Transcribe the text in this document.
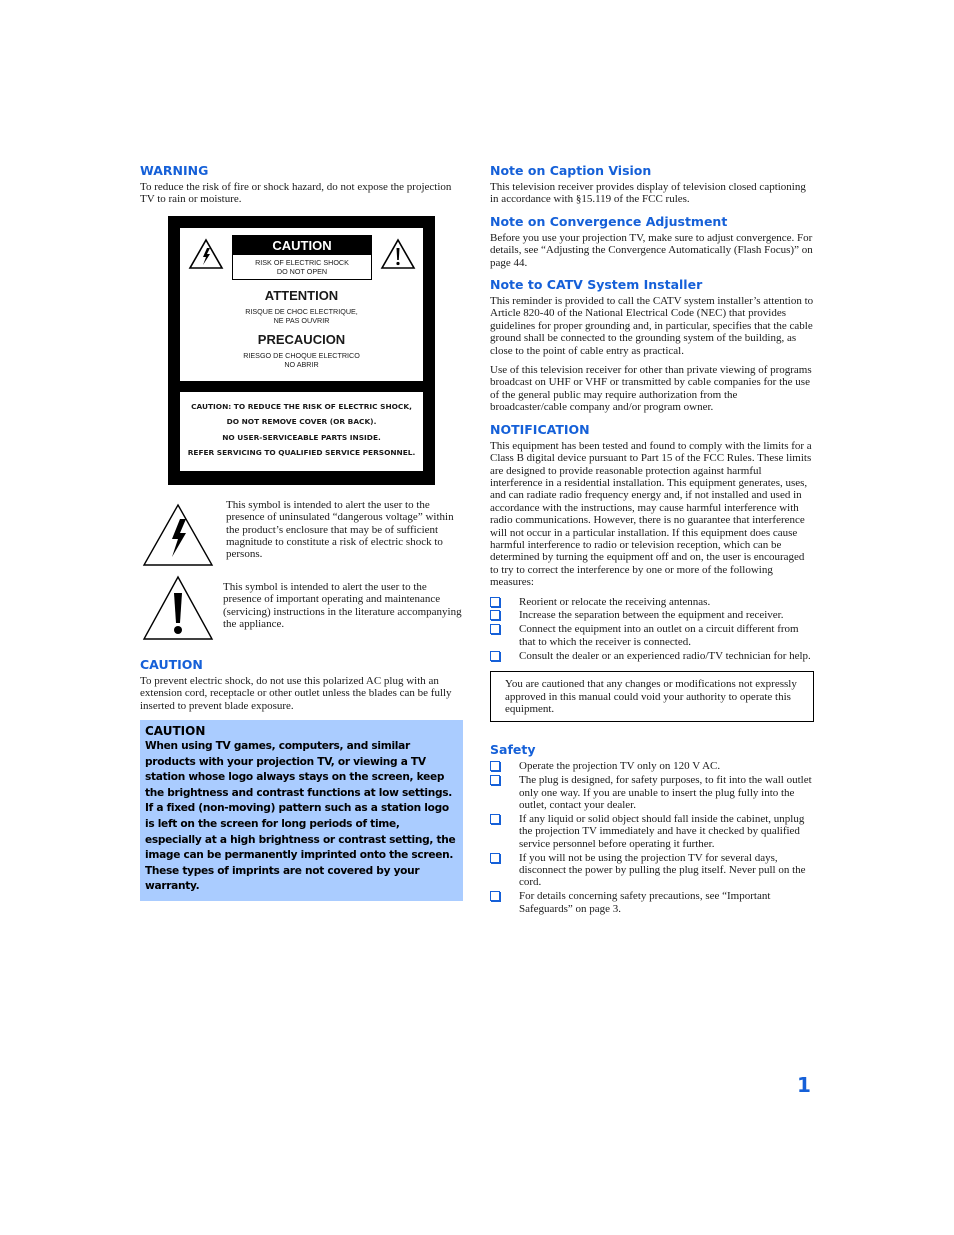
WARNING

To reduce the risk of fire or shock hazard, do not expose the projection TV to rain or moisture.

CAUTION
RISK OF ELECTRIC SHOCK
DO NOT OPEN
ATTENTION
RISQUE DE CHOC ELECTRIQUE,
NE PAS OUVRIR
PRECAUCION
RIESGO DE CHOQUE ELECTRICO
NO ABRIR
CAUTION: TO REDUCE THE RISK OF ELECTRIC SHOCK,
DO NOT REMOVE COVER (OR BACK).
NO USER-SERVICEABLE PARTS INSIDE.
REFER SERVICING TO QUALIFIED SERVICE PERSONNEL.

This symbol is intended to alert the user to the presence of uninsulated “dangerous voltage” within the product’s enclosure that may be of sufficient magnitude to constitute a risk of electric shock to persons.

This symbol is intended to alert the user to the presence of important operating and maintenance (servicing) instructions in the literature accompanying the appliance.

CAUTION

To prevent electric shock, do not use this polarized AC plug with an extension cord, receptacle or other outlet unless the blades can be fully inserted to prevent blade exposure.

CAUTION
When using TV games, computers, and similar products with your projection TV, or viewing a TV station whose logo always stays on the screen, keep the brightness and contrast functions at low settings. If a fixed (non-moving) pattern such as a station logo is left on the screen for long periods of time, especially at a high brightness or contrast setting, the image can be permanently imprinted onto the screen. These types of imprints are not covered by your warranty.
Note on Caption Vision

This television receiver provides display of television closed captioning in accordance with §15.119 of the FCC rules.

Note on Convergence Adjustment

Before you use your projection TV, make sure to adjust convergence. For details, see “Adjusting the Convergence Automatically (Flash Focus)” on page 44.

Note to CATV System Installer

This reminder is provided to call the CATV system installer’s attention to Article 820-40 of the National Electrical Code (NEC) that provides guidelines for proper grounding and, in particular, specifies that the cable ground shall be connected to the grounding system of the building, as close to the point of cable entry as practical.

Use of this television receiver for other than private viewing of programs broadcast on UHF or VHF or transmitted by cable companies for the use of the general public may require authorization from the broadcaster/cable company and/or program owner.

NOTIFICATION

This equipment has been tested and found to comply with the limits for a Class B digital device pursuant to Part 15 of the FCC Rules. These limits are designed to provide reasonable protection against harmful interference in a residential installation. This equipment generates, uses, and can radiate radio frequency energy and, if not installed and used in accordance with the instructions, may cause harmful interference with radio communications. However, there is no guarantee that interference will not occur in a particular installation. If this equipment does cause harmful interference to radio or television reception, which can be determined by turning the equipment off and on, the user is encouraged to try to correct the interference by one or more of the following measures:

Reorient or relocate the receiving antennas.
Increase the separation between the equipment and receiver.
Connect the equipment into an outlet on a circuit different from that to which the receiver is connected.
Consult the dealer or an experienced radio/TV technician for help.

You are cautioned that any changes or modifications not expressly approved in this manual could void your authority to operate this equipment.

Safety
Operate the projection TV only on 120 V AC.
The plug is designed, for safety purposes, to fit into the wall outlet only one way. If you are unable to insert the plug fully into the outlet, contact your dealer.
If any liquid or solid object should fall inside the cabinet, unplug the projection TV immediately and have it checked by qualified service personnel before operating it further.
If you will not be using the projection TV for several days, disconnect the power by pulling the plug itself. Never pull on the cord.
For details concerning safety precautions, see “Important Safeguards” on page 3.
1
